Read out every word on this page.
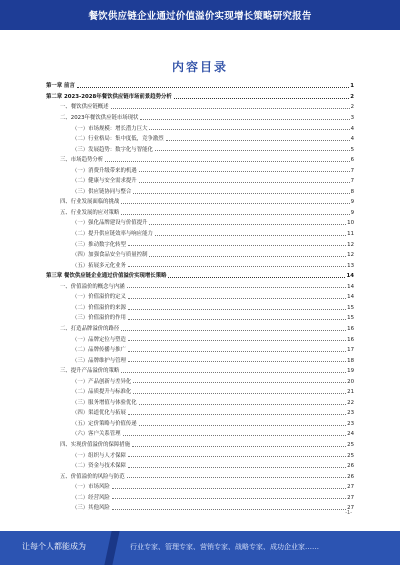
餐饮供应链企业通过价值溢价实现增长策略研究报告
内容目录
第一章 前言	1
第二章 2023-2028年餐饮供应链市场前景趋势分析	2
一、餐饮供应链概述	2
二、2023年餐饮供应链市场现状	3
（一）市场规模：增长潜力巨大	4
（二）行业格局：集中度低，竞争激烈	4
（三）发展趋势：数字化与智能化	5
三、市场趋势分析	6
（一）消费升级带来的机遇	7
（二）健康与安全需求提升	7
（三）供应链协同与整合	8
四、行业发展面临的挑战	9
五、行业发展的应对策略	9
（一）强化品牌建设与价值提升	10
（二）提升供应链效率与响应能力	11
（三）推动数字化转型	12
（四）加强食品安全与质量控制	12
（五）拓展多元化业务	13
第三章 餐饮供应链企业通过价值溢价实现增长策略	14
一、价值溢价的概念与内涵	14
（一）价值溢价的定义	14
（二）价值溢价的来源	15
（三）价值溢价的作用	15
二、打造品牌溢价的路径	16
（一）品牌定位与塑造	16
（二）品牌传播与推广	17
（三）品牌维护与管理	18
三、提升产品溢价的策略	19
（一）产品创新与差异化	20
（二）品质提升与标准化	21
（三）服务增值与体验优化	22
（四）渠道优化与拓展	23
（五）定价策略与价值传递	23
（六）客户关系管理	24
四、实现价值溢价的保障措施	25
（一）组织与人才保障	25
（二）资金与技术保障	26
五、价值溢价的风险与防范	26
（一）市场风险	27
（二）经营风险	27
（三）其他风险	27
-1-
让每个人都能成为	行业专家、管理专家、营销专家、战略专家、成功企业家……
